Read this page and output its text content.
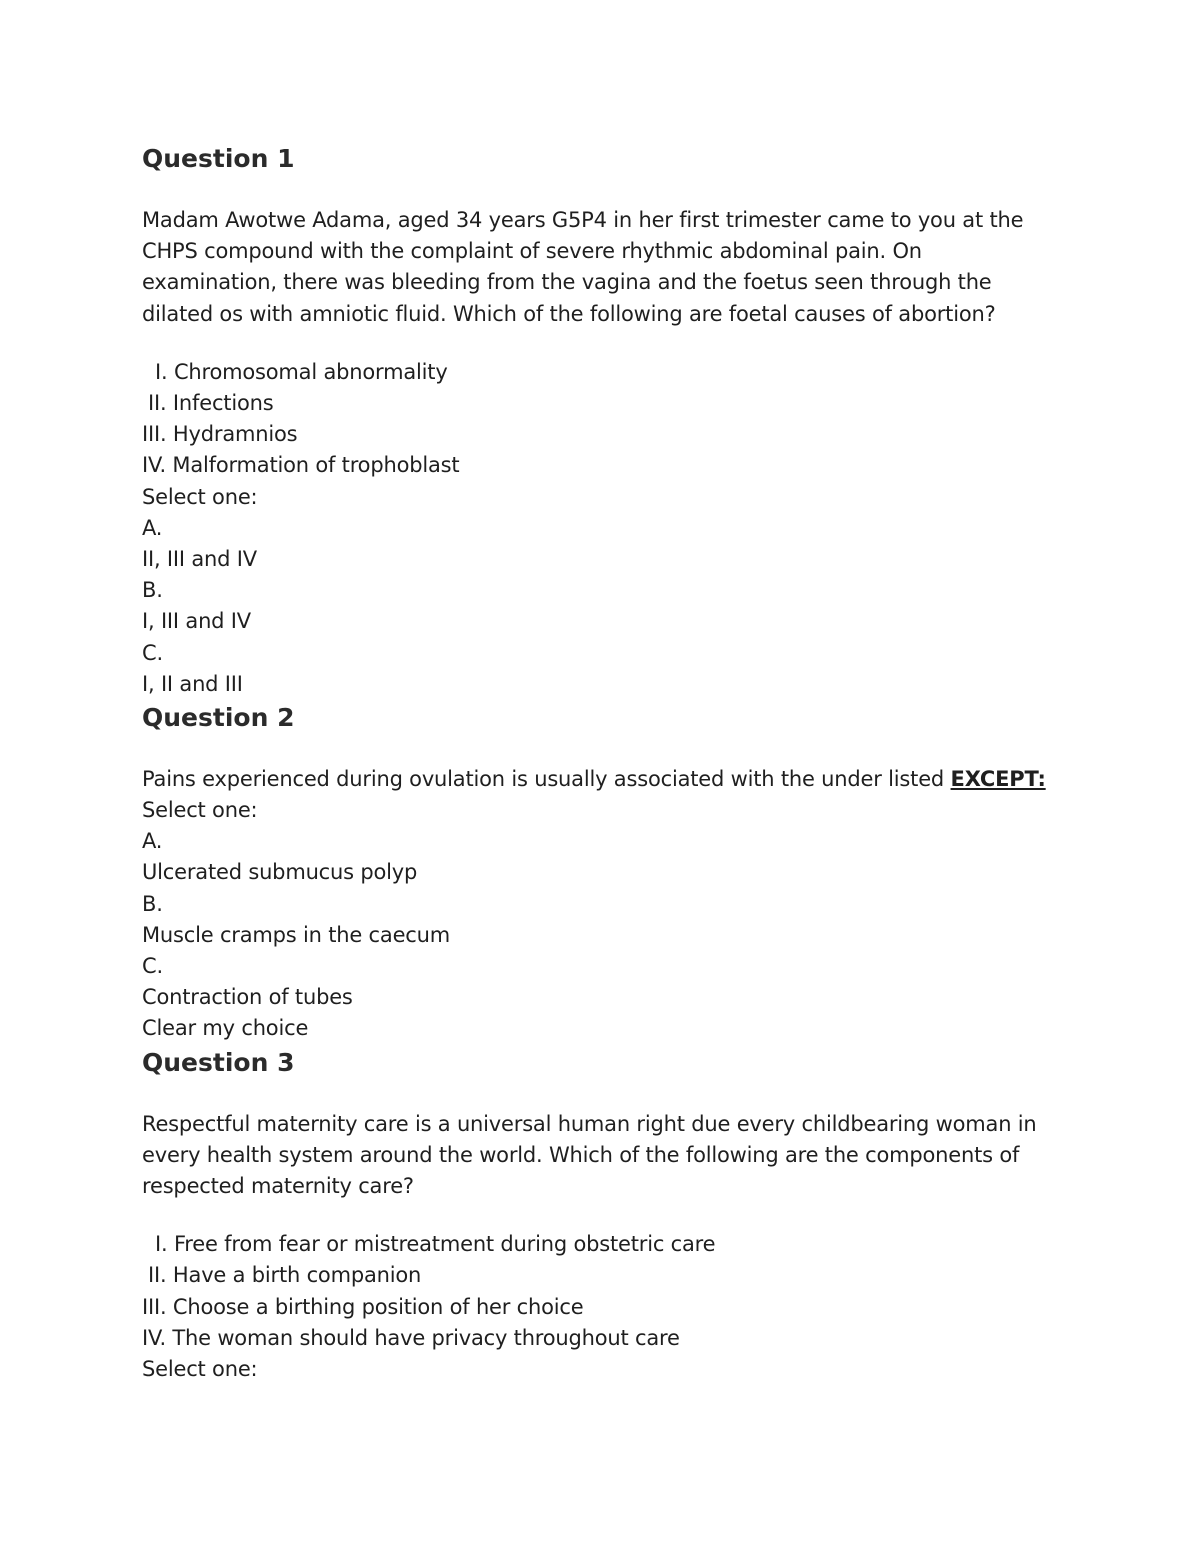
Question 1

Madam Awotwe Adama, aged 34 years G5P4 in her first trimester came to you at the CHPS compound with the complaint of severe rhythmic abdominal pain. On examination, there was bleeding from the vagina and the foetus seen through the dilated os with amniotic fluid. Which of the following are foetal causes of abortion?

I. Chromosomal abnormality
II. Infections
III. Hydramnios
IV. Malformation of trophoblast
Select one:
A.
II, III and IV
B.
I, III and IV
C.
I, II and III
Question 2
Pains experienced during ovulation is usually associated with the under listed EXCEPT:
Select one:
A.
Ulcerated submucus polyp
B.
Muscle cramps in the caecum
C.
Contraction of tubes
Clear my choice
Question 3

Respectful maternity care is a universal human right due every childbearing woman in every health system around the world. Which of the following are the components of respected maternity care?

I. Free from fear or mistreatment during obstetric care
II. Have a birth companion
III. Choose a birthing position of her choice
IV. The woman should have privacy throughout care
Select one:
